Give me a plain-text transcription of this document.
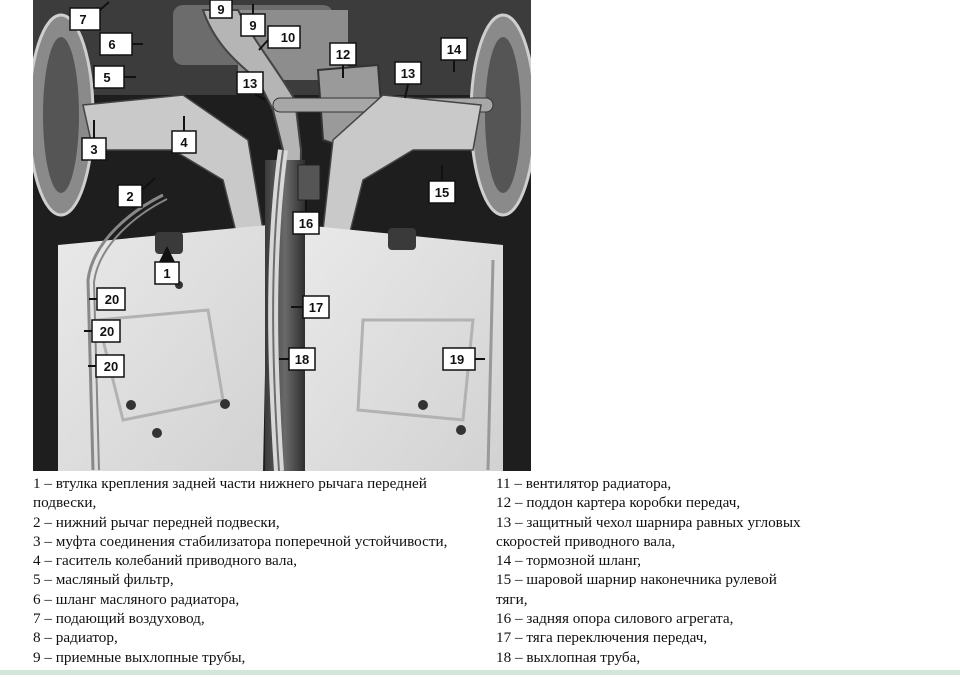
1
2
3	4
5
6
7
9
9
10
12
13
13
14
15
16
17
18	19
20
20
20
1 – втулка крепления задней части нижнего рычага передней
подвески,
2 – нижний рычаг передней подвески,
3 – муфта соединения стабилизатора поперечной устойчивости,
4 – гаситель колебаний приводного вала,
5 – масляный фильтр,
6 – шланг масляного радиатора,
7 – подающий воздуховод,
8 – радиатор,
9 – приемные выхлопные трубы,
11 – вентилятор радиатора,
12 – поддон картера коробки передач,
13 – защитный чехол шарнира равных угловых
скоростей приводного вала,
14 – тормозной шланг,
15 – шаровой шарнир наконечника рулевой
тяги,
16 – задняя опора силового агрегата,
17 – тяга переключения передач,
18 – выхлопная труба,
